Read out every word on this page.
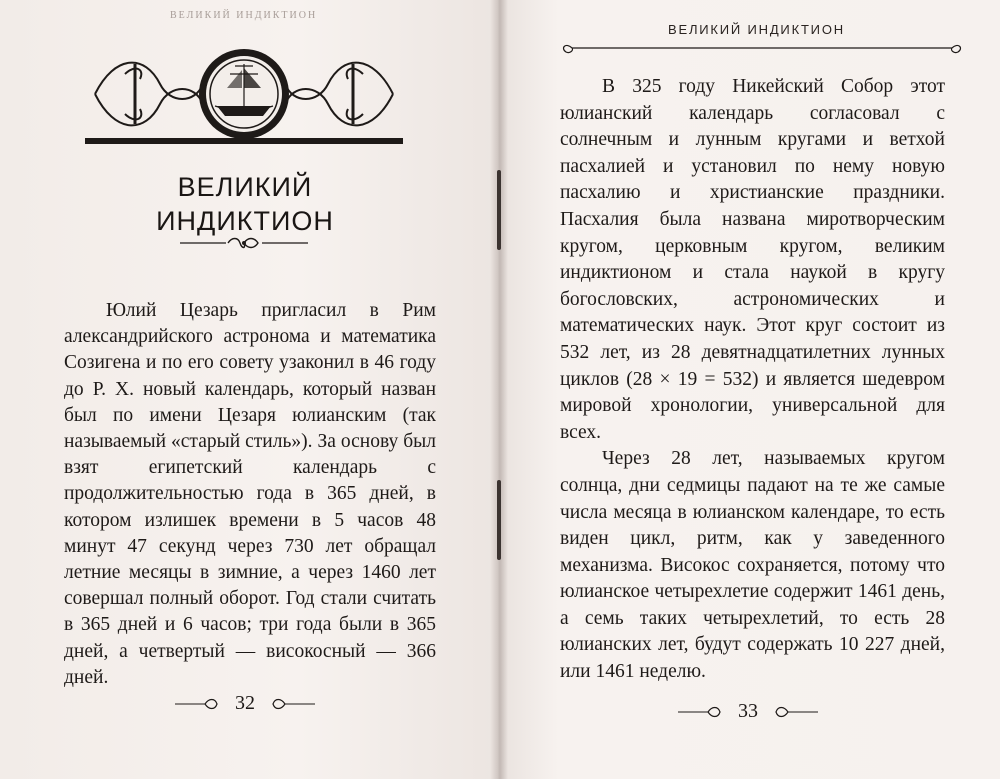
ВЕЛИКИЙ ИНДИКТИОН
ВЕЛИКИЙ
ИНДИКТИОН

Юлий Цезарь пригласил в Рим александрийского астронома и математика Созигена и по его совету узаконил в 46 году до Р. Х. новый календарь, который назван был по имени Цезаря юлианским (так называемый «старый стиль»). За основу был взят египетский календарь с продолжительностью года в 365 дней, в котором излишек времени в 5 часов 48 минут 47 секунд через 730 лет обращал летние месяцы в зимние, а через 1460 лет совершал полный оборот. Год стали считать в 365 дней и 6 часов; три года были в 365 дней, а четвертый — високосный — 366 дней.

32
ВЕЛИКИЙ ИНДИКТИОН

В 325 году Никейский Собор этот юлианский календарь согласовал с солнечным и лунным кругами и ветхой пасхалией и установил по нему новую пасхалию и христианские праздники. Пасхалия была названа миротворческим кругом, церковным кругом, великим индиктионом и стала наукой в кругу богословских, астрономических и математических наук. Этот круг состоит из 532 лет, из 28 девятнадцатилетних лунных циклов (28 × 19 = 532) и является шедевром мировой хронологии, универсальной для всех.

Через 28 лет, называемых кругом солнца, дни седмицы падают на те же самые числа месяца в юлианском календаре, то есть виден цикл, ритм, как у заведенного механизма. Високос сохраняется, потому что юлианское четырехлетие содержит 1461 день, а семь таких четырехлетий, то есть 28 юлианских лет, будут содержать 10 227 дней, или 1461 неделю.

33
